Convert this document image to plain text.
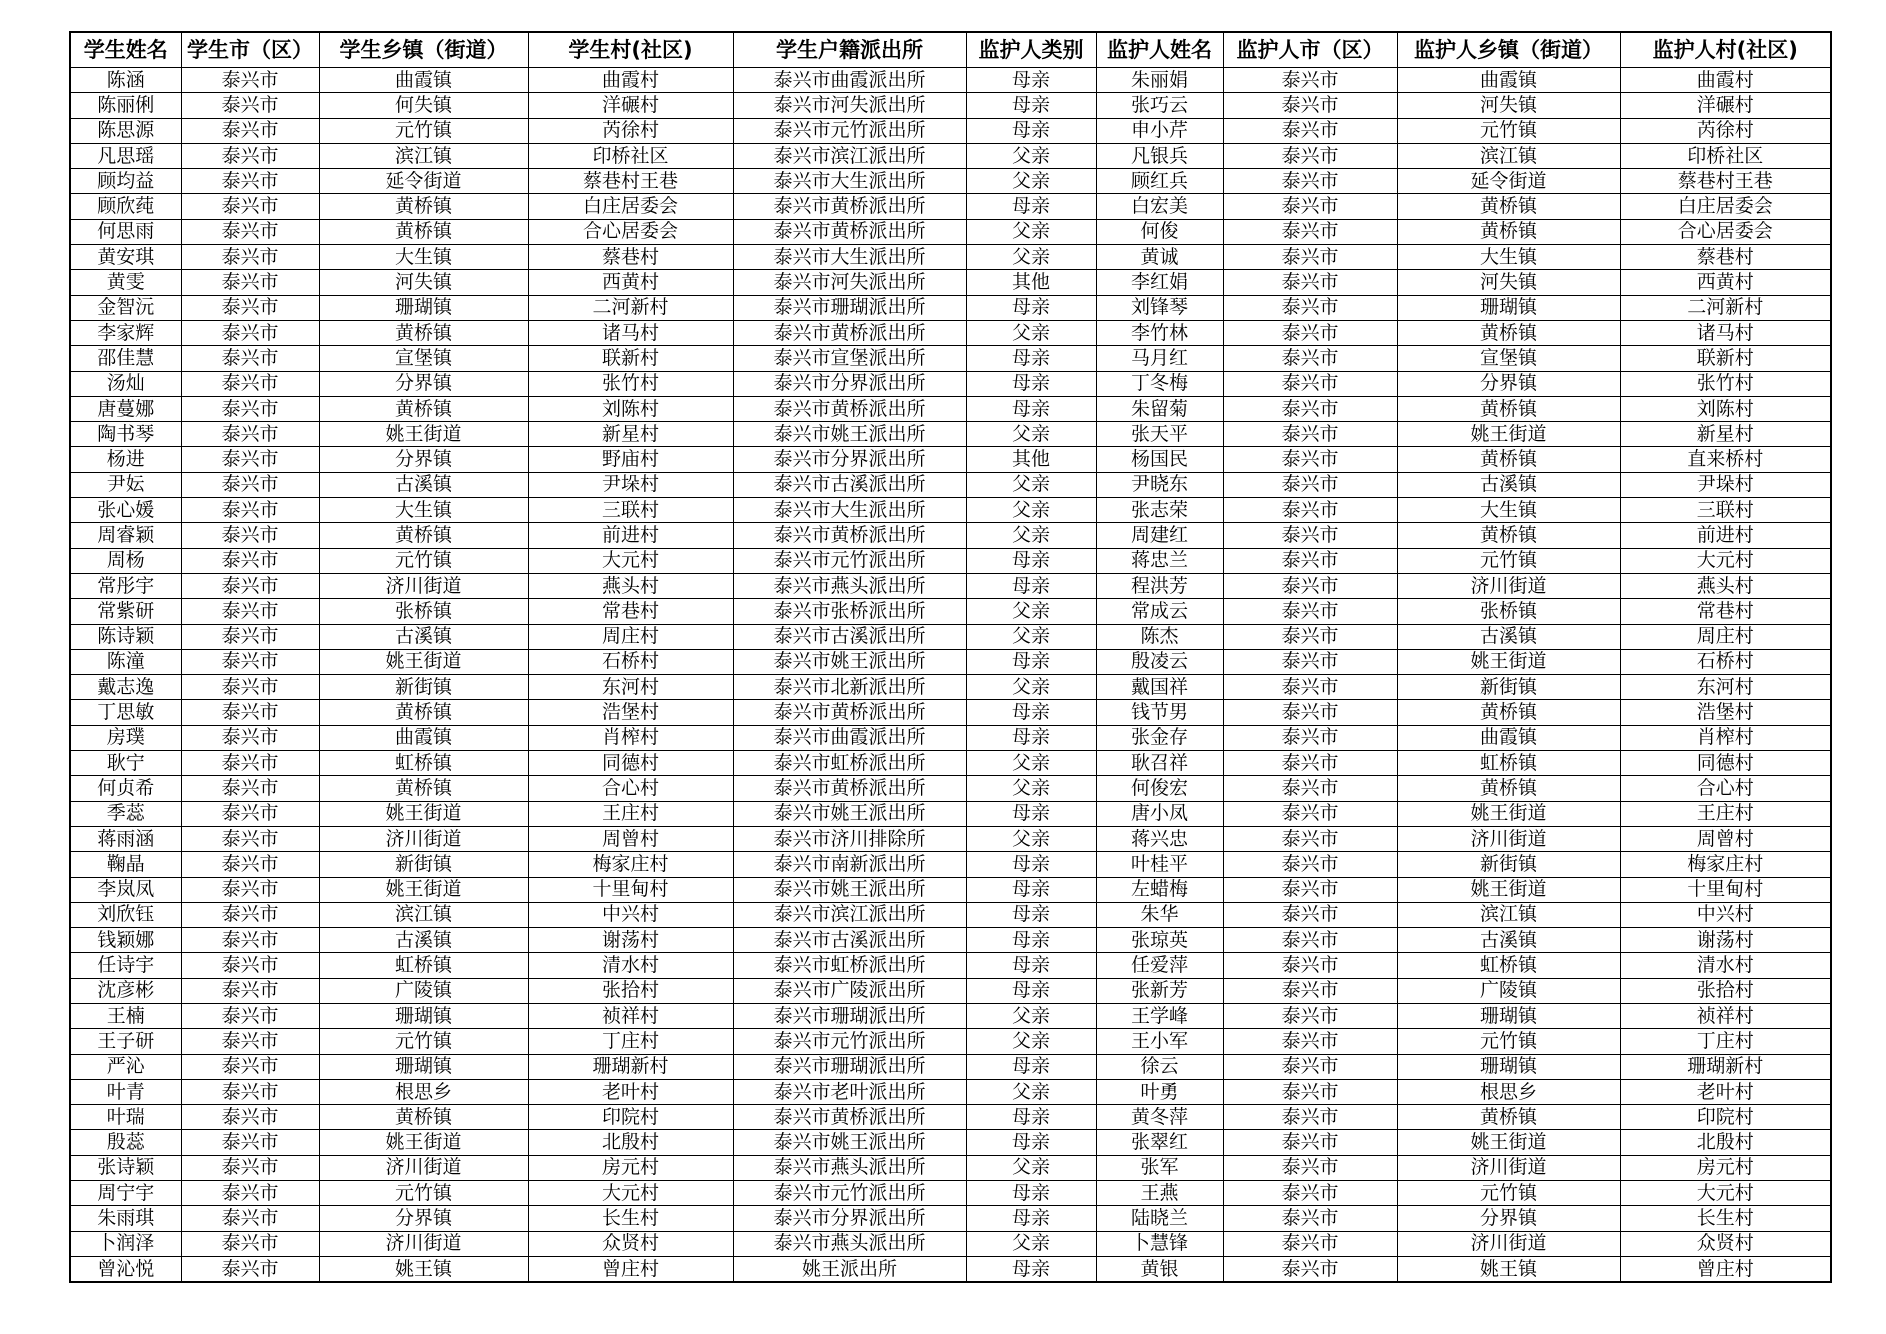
学生姓名	学生市（区）	学生乡镇（街道）	学生村(社区)	学生户籍派出所	监护人类别	监护人姓名	监护人市（区）	监护人乡镇（街道）	监护人村(社区)
陈涵	泰兴市	曲霞镇	曲霞村	泰兴市曲霞派出所	母亲	朱丽娟	泰兴市	曲霞镇	曲霞村
陈丽俐	泰兴市	何失镇	洋碾村	泰兴市河失派出所	母亲	张巧云	泰兴市	河失镇	洋碾村
陈思源	泰兴市	元竹镇	芮徐村	泰兴市元竹派出所	母亲	申小芹	泰兴市	元竹镇	芮徐村
凡思瑶	泰兴市	滨江镇	印桥社区	泰兴市滨江派出所	父亲	凡银兵	泰兴市	滨江镇	印桥社区
顾均益	泰兴市	延令街道	蔡巷村王巷	泰兴市大生派出所	父亲	顾红兵	泰兴市	延令街道	蔡巷村王巷
顾欣莼	泰兴市	黄桥镇	白庄居委会	泰兴市黄桥派出所	母亲	白宏美	泰兴市	黄桥镇	白庄居委会
何思雨	泰兴市	黄桥镇	合心居委会	泰兴市黄桥派出所	父亲	何俊	泰兴市	黄桥镇	合心居委会
黄安琪	泰兴市	大生镇	蔡巷村	泰兴市大生派出所	父亲	黄诚	泰兴市	大生镇	蔡巷村
黄雯	泰兴市	河失镇	西黄村	泰兴市河失派出所	其他	李红娟	泰兴市	河失镇	西黄村
金智沅	泰兴市	珊瑚镇	二河新村	泰兴市珊瑚派出所	母亲	刘锋琴	泰兴市	珊瑚镇	二河新村
李家辉	泰兴市	黄桥镇	诸马村	泰兴市黄桥派出所	父亲	李竹林	泰兴市	黄桥镇	诸马村
邵佳慧	泰兴市	宣堡镇	联新村	泰兴市宣堡派出所	母亲	马月红	泰兴市	宣堡镇	联新村
汤灿	泰兴市	分界镇	张竹村	泰兴市分界派出所	母亲	丁冬梅	泰兴市	分界镇	张竹村
唐蔓娜	泰兴市	黄桥镇	刘陈村	泰兴市黄桥派出所	母亲	朱留菊	泰兴市	黄桥镇	刘陈村
陶书琴	泰兴市	姚王街道	新星村	泰兴市姚王派出所	父亲	张天平	泰兴市	姚王街道	新星村
杨进	泰兴市	分界镇	野庙村	泰兴市分界派出所	其他	杨国民	泰兴市	黄桥镇	直来桥村
尹妘	泰兴市	古溪镇	尹垛村	泰兴市古溪派出所	父亲	尹晓东	泰兴市	古溪镇	尹垛村
张心媛	泰兴市	大生镇	三联村	泰兴市大生派出所	父亲	张志荣	泰兴市	大生镇	三联村
周睿颖	泰兴市	黄桥镇	前进村	泰兴市黄桥派出所	父亲	周建红	泰兴市	黄桥镇	前进村
周杨	泰兴市	元竹镇	大元村	泰兴市元竹派出所	母亲	蒋忠兰	泰兴市	元竹镇	大元村
常彤宇	泰兴市	济川街道	燕头村	泰兴市燕头派出所	母亲	程洪芳	泰兴市	济川街道	燕头村
常紫研	泰兴市	张桥镇	常巷村	泰兴市张桥派出所	父亲	常成云	泰兴市	张桥镇	常巷村
陈诗颖	泰兴市	古溪镇	周庄村	泰兴市古溪派出所	父亲	陈杰	泰兴市	古溪镇	周庄村
陈潼	泰兴市	姚王街道	石桥村	泰兴市姚王派出所	母亲	殷凌云	泰兴市	姚王街道	石桥村
戴志逸	泰兴市	新街镇	东河村	泰兴市北新派出所	父亲	戴国祥	泰兴市	新街镇	东河村
丁思敏	泰兴市	黄桥镇	浩堡村	泰兴市黄桥派出所	母亲	钱节男	泰兴市	黄桥镇	浩堡村
房璞	泰兴市	曲霞镇	肖榨村	泰兴市曲霞派出所	母亲	张金存	泰兴市	曲霞镇	肖榨村
耿宁	泰兴市	虹桥镇	同德村	泰兴市虹桥派出所	父亲	耿召祥	泰兴市	虹桥镇	同德村
何贞希	泰兴市	黄桥镇	合心村	泰兴市黄桥派出所	父亲	何俊宏	泰兴市	黄桥镇	合心村
季蕊	泰兴市	姚王街道	王庄村	泰兴市姚王派出所	母亲	唐小凤	泰兴市	姚王街道	王庄村
蒋雨涵	泰兴市	济川街道	周曾村	泰兴市济川排除所	父亲	蒋兴忠	泰兴市	济川街道	周曾村
鞠晶	泰兴市	新街镇	梅家庄村	泰兴市南新派出所	母亲	叶桂平	泰兴市	新街镇	梅家庄村
李岚凤	泰兴市	姚王街道	十里甸村	泰兴市姚王派出所	母亲	左蜡梅	泰兴市	姚王街道	十里甸村
刘欣钰	泰兴市	滨江镇	中兴村	泰兴市滨江派出所	母亲	朱华	泰兴市	滨江镇	中兴村
钱颖娜	泰兴市	古溪镇	谢荡村	泰兴市古溪派出所	母亲	张琼英	泰兴市	古溪镇	谢荡村
任诗宇	泰兴市	虹桥镇	清水村	泰兴市虹桥派出所	母亲	任爱萍	泰兴市	虹桥镇	清水村
沈彦彬	泰兴市	广陵镇	张拾村	泰兴市广陵派出所	母亲	张新芳	泰兴市	广陵镇	张拾村
王楠	泰兴市	珊瑚镇	祯祥村	泰兴市珊瑚派出所	父亲	王学峰	泰兴市	珊瑚镇	祯祥村
王子研	泰兴市	元竹镇	丁庄村	泰兴市元竹派出所	父亲	王小军	泰兴市	元竹镇	丁庄村
严沁	泰兴市	珊瑚镇	珊瑚新村	泰兴市珊瑚派出所	母亲	徐云	泰兴市	珊瑚镇	珊瑚新村
叶青	泰兴市	根思乡	老叶村	泰兴市老叶派出所	父亲	叶勇	泰兴市	根思乡	老叶村
叶瑞	泰兴市	黄桥镇	印院村	泰兴市黄桥派出所	母亲	黄冬萍	泰兴市	黄桥镇	印院村
殷蕊	泰兴市	姚王街道	北殷村	泰兴市姚王派出所	母亲	张翠红	泰兴市	姚王街道	北殷村
张诗颖	泰兴市	济川街道	房元村	泰兴市燕头派出所	父亲	张军	泰兴市	济川街道	房元村
周宁宇	泰兴市	元竹镇	大元村	泰兴市元竹派出所	母亲	王燕	泰兴市	元竹镇	大元村
朱雨琪	泰兴市	分界镇	长生村	泰兴市分界派出所	母亲	陆晓兰	泰兴市	分界镇	长生村
卜润泽	泰兴市	济川街道	众贤村	泰兴市燕头派出所	父亲	卜慧锋	泰兴市	济川街道	众贤村
曾沁悦	泰兴市	姚王镇	曾庄村	姚王派出所	母亲	黄银	泰兴市	姚王镇	曾庄村
